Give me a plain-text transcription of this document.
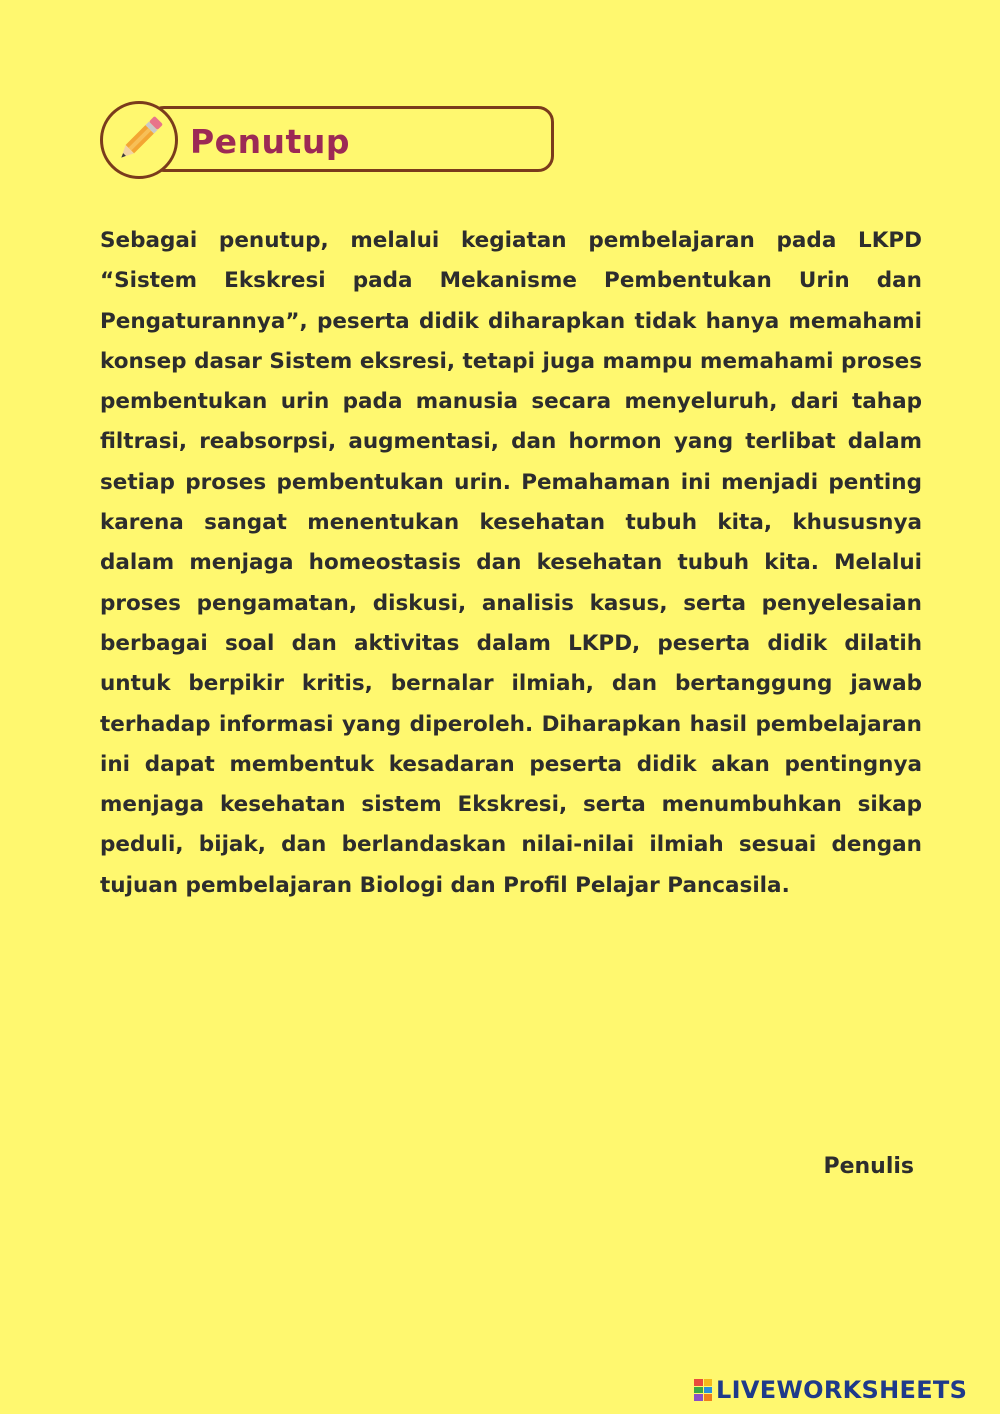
Penutup

Sebagai penutup, melalui kegiatan pembelajaran pada LKPD “Sistem Ekskresi pada Mekanisme Pembentukan Urin dan Pengaturannya”, peserta didik diharapkan tidak hanya memahami konsep dasar Sistem eksresi, tetapi juga mampu memahami proses pembentukan urin pada manusia secara menyeluruh, dari tahap filtrasi, reabsorpsi, augmentasi, dan hormon yang terlibat dalam setiap proses pembentukan urin. Pemahaman ini menjadi penting karena sangat menentukan kesehatan tubuh kita, khususnya dalam menjaga homeostasis dan kesehatan tubuh kita. Melalui proses pengamatan, diskusi, analisis kasus, serta penyelesaian berbagai soal dan aktivitas dalam LKPD, peserta didik dilatih untuk berpikir kritis, bernalar ilmiah, dan bertanggung jawab terhadap informasi yang diperoleh. Diharapkan hasil pembelajaran ini dapat membentuk kesadaran peserta didik akan pentingnya menjaga kesehatan sistem Ekskresi, serta menumbuhkan sikap peduli, bijak, dan berlandaskan nilai-nilai ilmiah sesuai dengan tujuan pembelajaran Biologi dan Profil Pelajar Pancasila.

Penulis
LIVEWORKSHEETS
